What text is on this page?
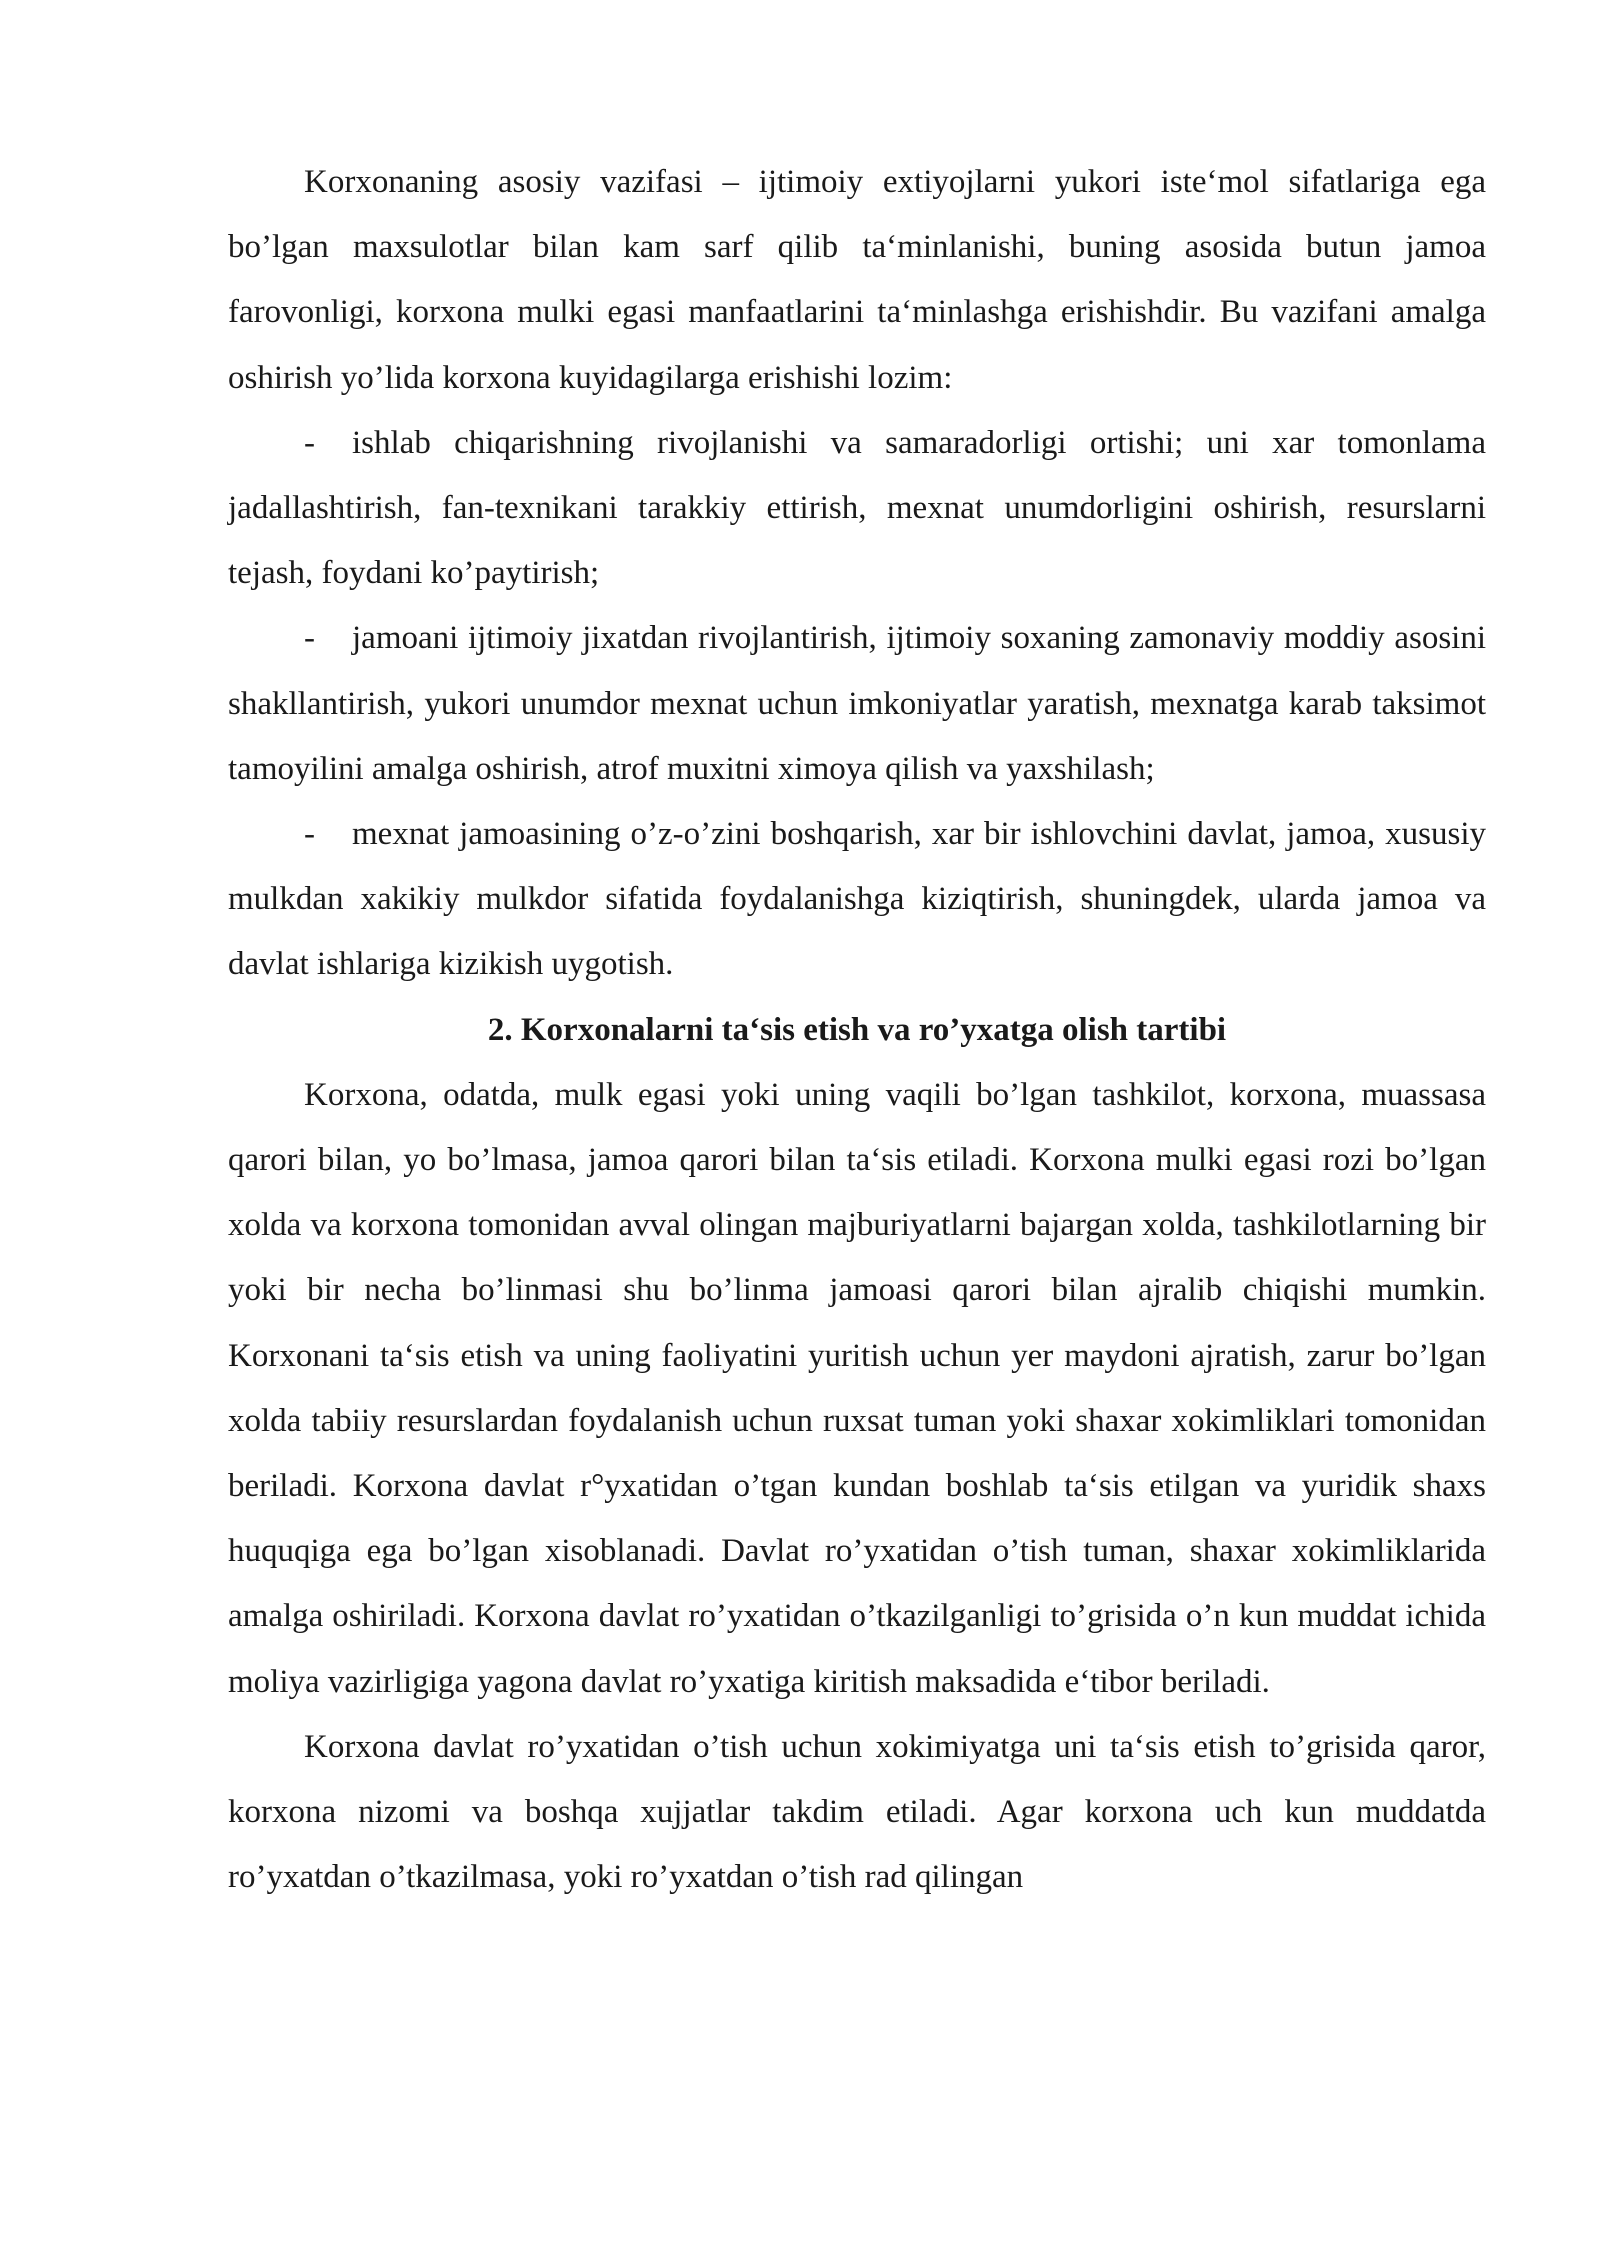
Korxonaning asosiy vazifasi – ijtimoiy extiyojlarni yukori iste‘mol sifatlariga ega bo’lgan maxsulotlar bilan kam sarf qilib ta‘minlanishi, buning asosida butun jamoa farovonligi, korxona mulki egasi manfaatlarini ta‘minlashga erishishdir. Bu vazifani amalga oshirish yo’lida korxona kuyidagilarga erishishi lozim:

- ishlab chiqarishning rivojlanishi va samaradorligi ortishi; uni xar tomonlama jadallashtirish, fan-texnikani tarakkiy ettirish, mexnat unumdorligini oshirish, resurslarni tejash, foydani ko’paytirish;

- jamoani ijtimoiy jixatdan rivojlantirish, ijtimoiy soxaning zamonaviy moddiy asosini shakllantirish, yukori unumdor mexnat uchun imkoniyatlar yaratish, mexnatga karab taksimot tamoyilini amalga oshirish, atrof muxitni ximoya qilish va yaxshilash;

- mexnat jamoasining o’z-o’zini boshqarish, xar bir ishlovchini davlat, jamoa, xususiy mulkdan xakikiy mulkdor sifatida foydalanishga kiziqtirish, shuningdek, ularda jamoa va davlat ishlariga kizikish uygotish.

2. Korxonalarni ta‘sis etish va ro’yxatga olish tartibi

Korxona, odatda, mulk egasi yoki uning vaqili bo’lgan tashkilot, korxona, muassasa qarori bilan, yo bo’lmasa, jamoa qarori bilan ta‘sis etiladi. Korxona mulki egasi rozi bo’lgan xolda va korxona tomonidan avval olingan majburiyatlarni bajargan xolda, tashkilotlarning bir yoki bir necha bo’linmasi shu bo’linma jamoasi qarori bilan ajralib chiqishi mumkin. Korxonani ta‘sis etish va uning faoliyatini yuritish uchun yer maydoni ajratish, zarur bo’lgan xolda tabiiy resurslardan foydalanish uchun ruxsat tuman yoki shaxar xokimliklari tomonidan beriladi. Korxona davlat r°yxatidan o’tgan kundan boshlab ta‘sis etilgan va yuridik shaxs huquqiga ega bo’lgan xisoblanadi. Davlat ro’yxatidan o’tish tuman, shaxar xokimliklarida amalga oshiriladi. Korxona davlat ro’yxatidan o’tkazilganligi to’grisida o’n kun muddat ichida moliya vazirligiga yagona davlat ro’yxatiga kiritish maksadida e‘tibor beriladi.

Korxona davlat ro’yxatidan o’tish uchun xokimiyatga uni ta‘sis etish to’grisida qaror, korxona nizomi va boshqa xujjatlar takdim etiladi. Agar korxona uch kun muddatda ro’yxatdan o’tkazilmasa, yoki ro’yxatdan o’tish rad qilingan
